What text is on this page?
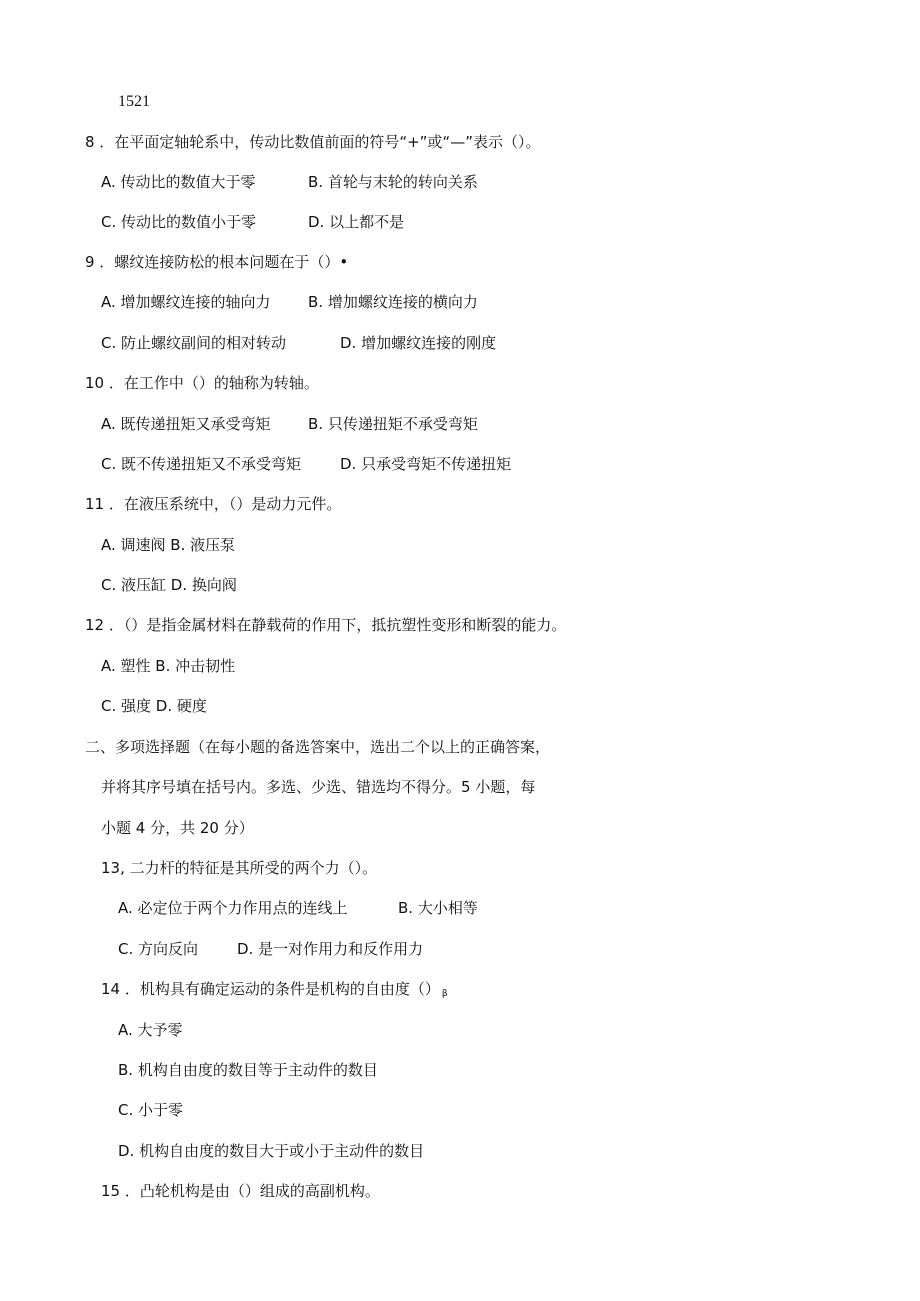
1521
8 ．在平面定轴轮系中，传动比数值前面的符号“+”或“—”表示（）。
A. 传动比的数值大于零	B. 首轮与末轮的转向关系
C. 传动比的数值小于零	D. 以上都不是
9 ．螺纹连接防松的根本问题在于（）•
A. 增加螺纹连接的轴向力 B. 增加螺纹连接的横向力
C. 防止螺纹副间的相对转动	D. 增加螺纹连接的刚度
10 ．在工作中（）的轴称为转轴。
A. 既传递扭矩又承受弯矩 B. 只传递扭矩不承受弯矩
C. 既不传递扭矩又不承受弯矩	D. 只承受弯矩不传递扭矩
11 ．在液压系统中，（）是动力元件。
A. 调速阀 B. 液压泵
C. 液压缸 D. 换向阀
12 ．（）是指金属材料在静载荷的作用下，抵抗塑性变形和断裂的能力。
A. 塑性 B. 冲击韧性
C. 强度 D. 硬度
二、多项选择题（在每小题的备选答案中，选出二个以上的正确答案，
并将其序号填在括号内。多选、少选、错选均不得分。5 小题，每
小题 4 分，共 20 分）
13, 二力杆的特征是其所受的两个力（）。
A. 必定位于两个力作用点的连线上	B. 大小相等
C. 方向反向	D. 是一对作用力和反作用力
14 ．机构具有确定运动的条件是机构的自由度（） β
A. 大予零
B. 机构自由度的数目等于主动件的数目
C. 小于零
D. 机构自由度的数目大于或小于主动件的数目
15 ．凸轮机构是由（）组成的高副机构。
